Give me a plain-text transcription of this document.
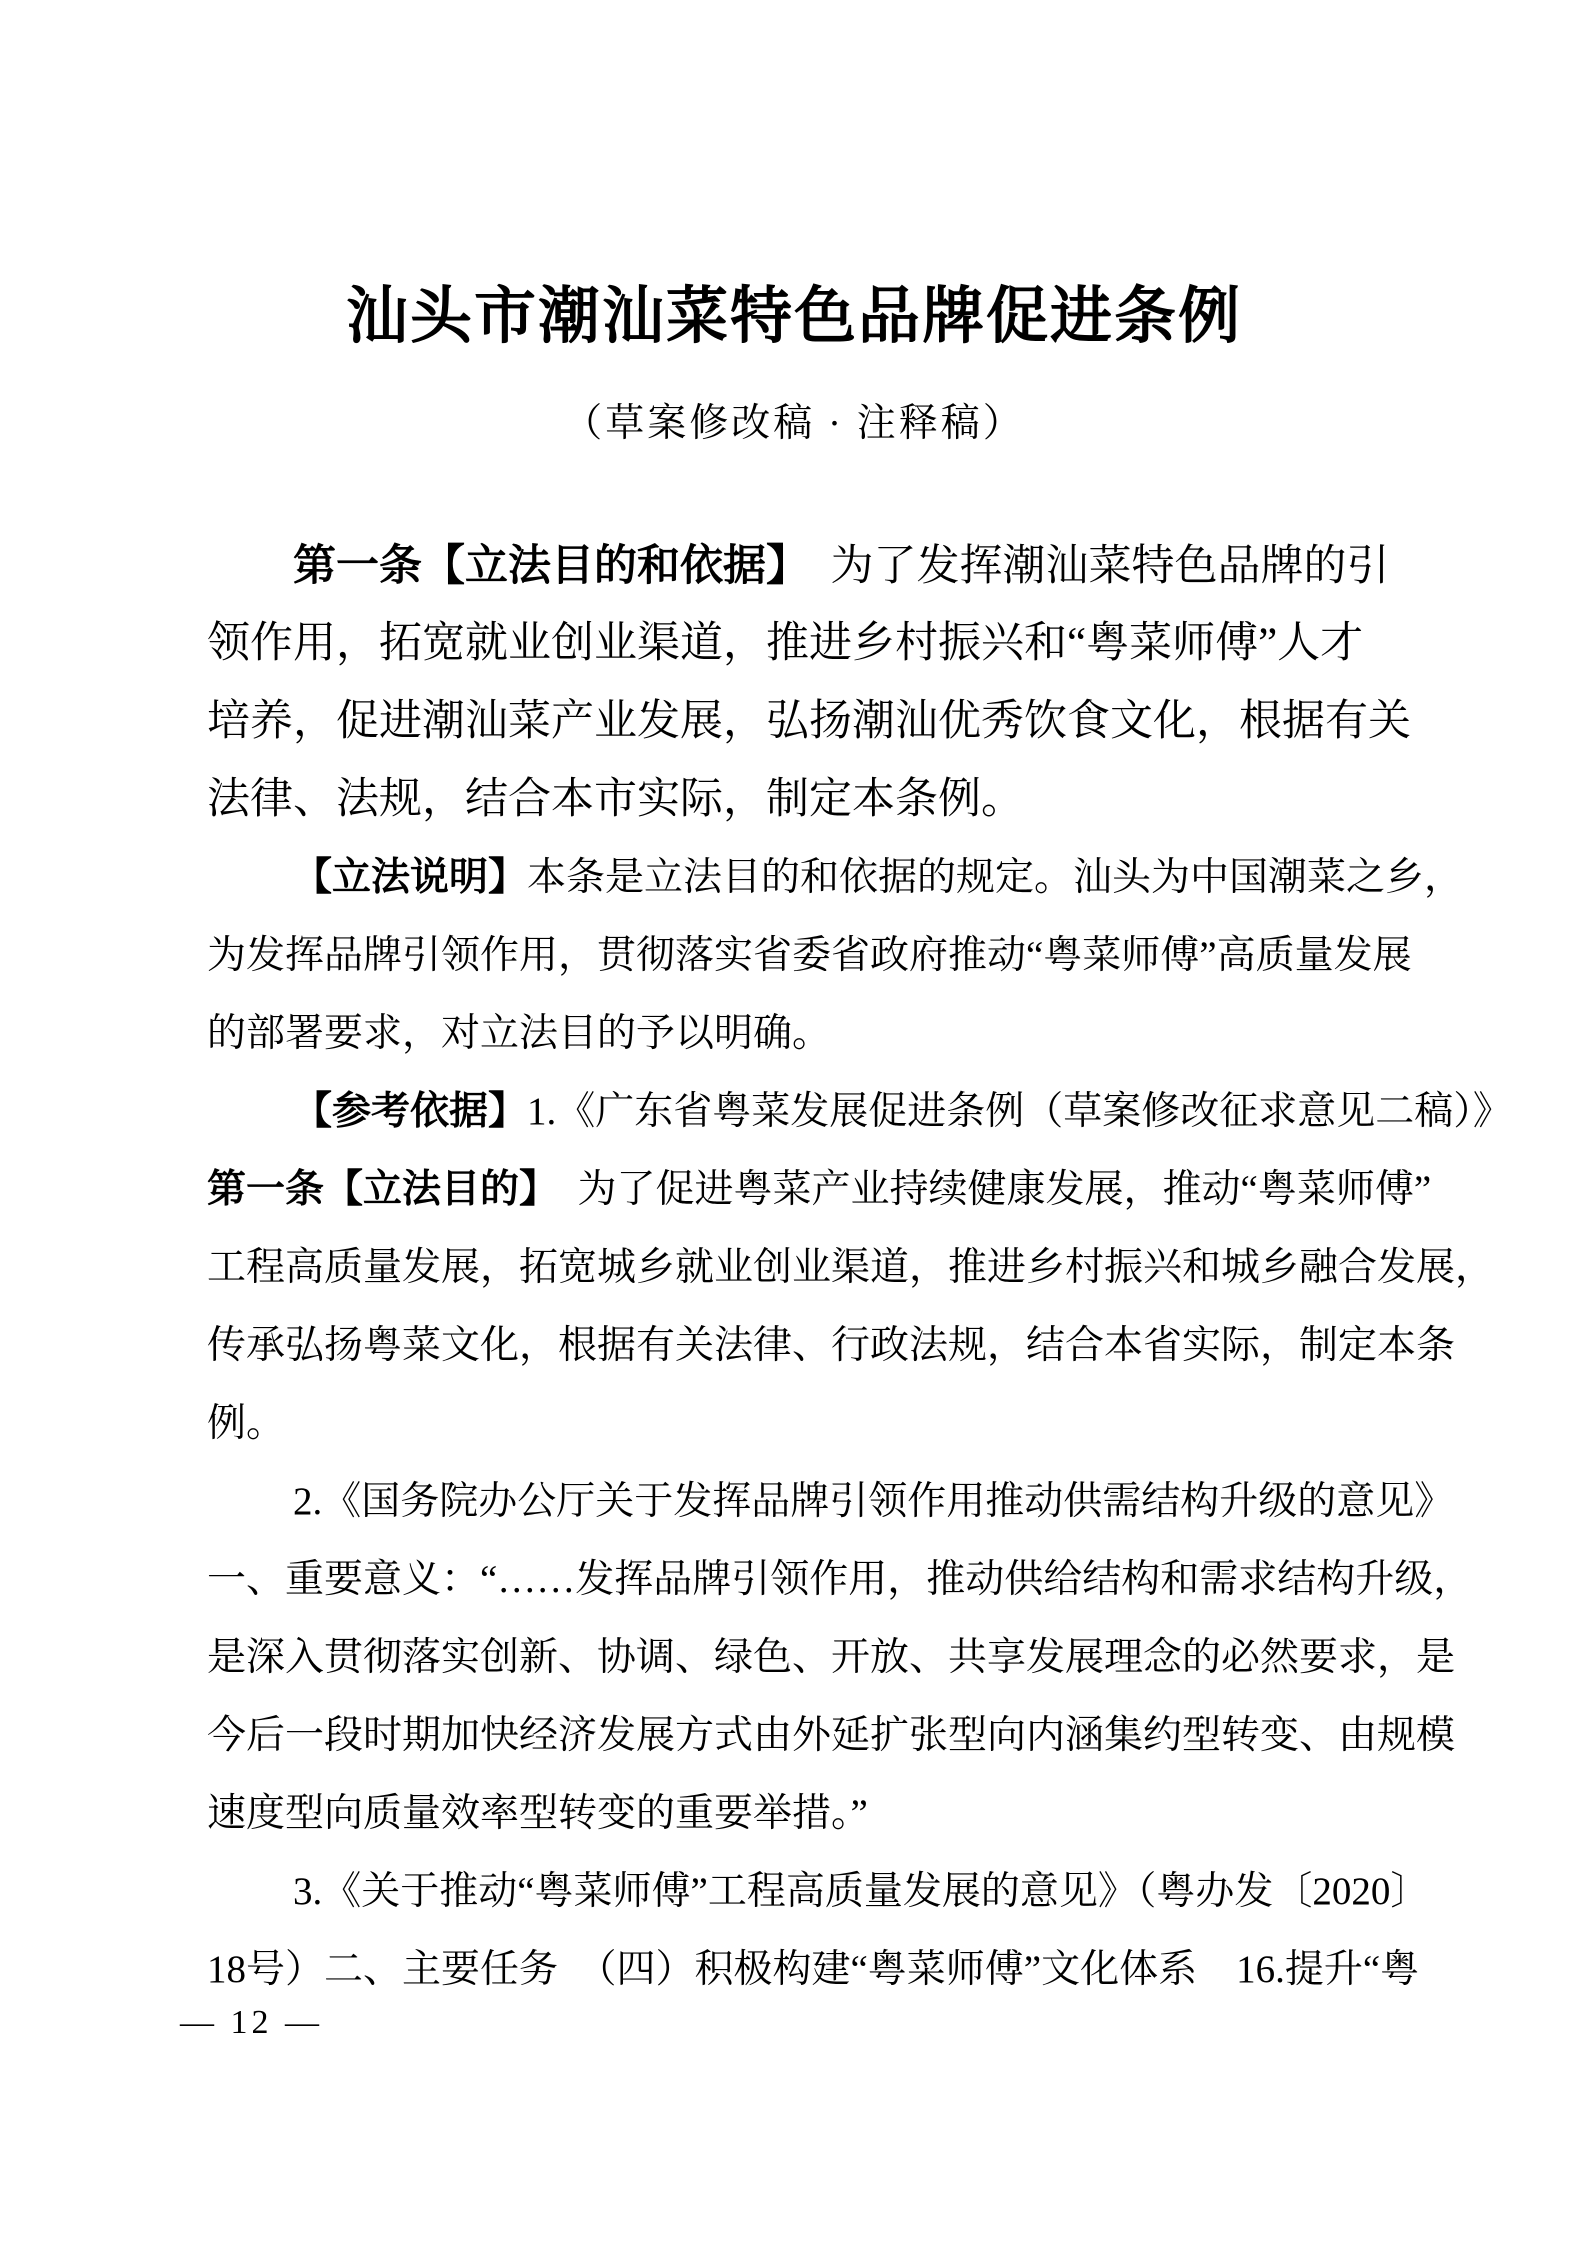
汕头市潮汕菜特色品牌促进条例
（草案修改稿 · 注释稿）
第一条【立法目的和依据】　为了发挥潮汕菜特色品牌的引
领作用，拓宽就业创业渠道，推进乡村振兴和“粤菜师傅”人才
培养，促进潮汕菜产业发展，弘扬潮汕优秀饮食文化，根据有关
法律、法规，结合本市实际，制定本条例。
【立法说明】本条是立法目的和依据的规定。汕头为中国潮菜之乡，
为发挥品牌引领作用，贯彻落实省委省政府推动“粤菜师傅”高质量发展
的部署要求，对立法目的予以明确。
【参考依据】1.《广东省粤菜发展促进条例（草案修改征求意见二稿）》
第一条【立法目的】　为了促进粤菜产业持续健康发展，推动“粤菜师傅”
工程高质量发展，拓宽城乡就业创业渠道，推进乡村振兴和城乡融合发展，
传承弘扬粤菜文化，根据有关法律、行政法规，结合本省实际，制定本条
例。
2.《国务院办公厅关于发挥品牌引领作用推动供需结构升级的意见》
一、重要意义：“……发挥品牌引领作用，推动供给结构和需求结构升级，
是深入贯彻落实创新、协调、绿色、开放、共享发展理念的必然要求，是
今后一段时期加快经济发展方式由外延扩张型向内涵集约型转变、由规模
速度型向质量效率型转变的重要举措。”
3.《关于推动“粤菜师傅”工程高质量发展的意见》（粤办发〔2020〕
18号）二、主要任务　（四）积极构建“粤菜师傅”文化体系　16.提升“粤
— 12 —
